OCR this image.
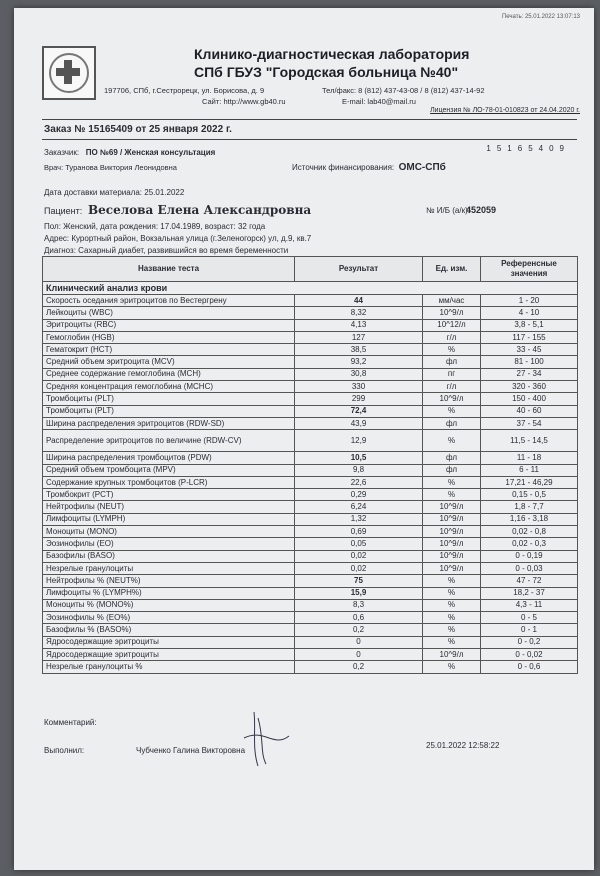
Печать: 25.01.2022 13:07:13
Клинико-диагностическая лаборатория
СПб ГБУЗ "Городская больница №40"
197706, СПб, г.Сестрорецк, ул. Борисова, д. 9	Тел/факс: 8 (812) 437-43-08 / 8 (812) 437-14-92
Сайт: http://www.gb40.ru	E-mail: lab40@mail.ru
Лицензия № ЛО-78-01-010823 от 24.04.2020 г.
Заказ № 15165409 от 25 января 2022 г.
15165409
Заказчик: ПО №69 / Женская консультация
Врач: Туранова Виктория Леонидовна	Источник финансирования: ОМС-СПб
Дата доставки материала: 25.01.2022
Пациент: Веселова Елена Александровна	№ И/Б (а/к):
452059
Пол: Женский, дата рождения: 17.04.1989, возраст: 32 года
Адрес: Курортный район, Вокзальная улица (г.Зеленогорск) ул, д.9, кв.7
Диагноз: Сахарный диабет, развившийся во время беременности
Название теста	Результат	Ед. изм.	Референсные значения
Клинический анализ крови			
Скорость оседания эритроцитов по Вестергрену	44	мм/час	1 - 20
Лейкоциты (WBC)	8,32	10^9/л	4 - 10
Эритроциты (RBC)	4,13	10^12/л	3,8 - 5,1
Гемоглобин (HGB)	127	г/л	117 - 155
Гематокрит (HCT)	38,5	%	33 - 45
Средний объем эритроцита (MCV)	93,2	фл	81 - 100
Среднее содержание гемоглобина (MCH)	30,8	пг	27 - 34
Средняя концентрация гемоглобина (MCHC)	330	г/л	320 - 360
Тромбоциты (PLT)	299	10^9/л	150 - 400
Тромбоциты (PLT)	72,4	%	40 - 60
Ширина распределения эритроцитов (RDW-SD)	43,9	фл	37 - 54
Распределение эритроцитов по величине (RDW-CV)	12,9	%	11,5 - 14,5
Ширина распределения тромбоцитов (PDW)	10,5	фл	11 - 18
Средний объем тромбоцита (MPV)	9,8	фл	6 - 11
Содержание крупных тромбоцитов (P-LCR)	22,6	%	17,21 - 46,29
Тромбокрит (PCT)	0,29	%	0,15 - 0,5
Нейтрофилы (NEUT)	6,24	10^9/л	1,8 - 7,7
Лимфоциты (LYMPH)	1,32	10^9/л	1,16 - 3,18
Моноциты (MONO)	0,69	10^9/л	0,02 - 0,8
Эозинофилы (EO)	0,05	10^9/л	0,02 - 0,3
Базофилы (BASO)	0,02	10^9/л	0 - 0,19
Незрелые гранулоциты	0,02	10^9/л	0 - 0,03
Нейтрофилы % (NEUT%)	75	%	47 - 72
Лимфоциты % (LYMPH%)	15,9	%	18,2 - 37
Моноциты % (MONO%)	8,3	%	4,3 - 11
Эозинофилы % (EO%)	0,6	%	0 - 5
Базофилы % (BASO%)	0,2	%	0 - 1
Ядросодержащие эритроциты	0	%	0 - 0,2
Ядросодержащие эритроциты	0	10^9/л	0 - 0,02
Незрелые гранулоциты %	0,2	%	0 - 0,6
Комментарий:
Выполнил:	Чубченко Галина Викторовна
25.01.2022 12:58:22
